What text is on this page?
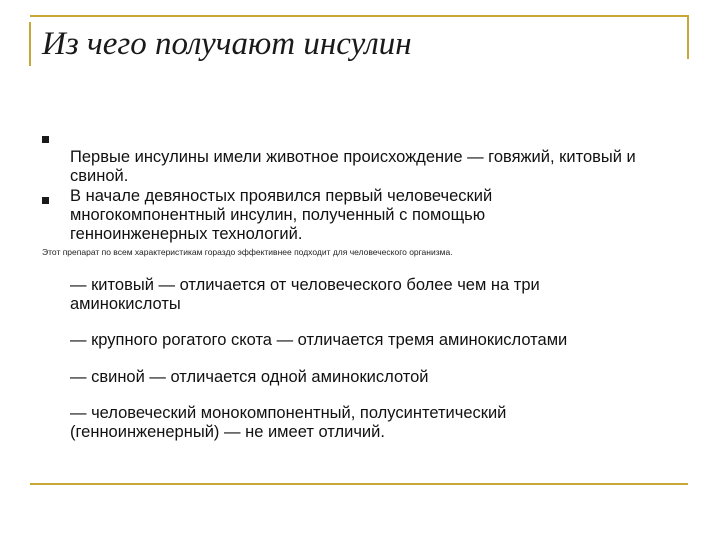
Из чего получают инсулин

Первые инсулины имели животное происхождение — говяжий, китовый и свиной.

В начале девяностых проявился первый человеческий многокомпонентный инсулин, полученный с помощью генноинженерных технологий.

Этот препарат по всем характеристикам гораздо эффективнее подходит для человеческого организма.

— китовый — отличается от человеческого более чем на три аминокислоты

— крупного рогатого скота — отличается тремя аминокислотами

— свиной — отличается одной аминокислотой

— человеческий монокомпонентный, полусинтетический (генноинженерный) — не имеет отличий.
